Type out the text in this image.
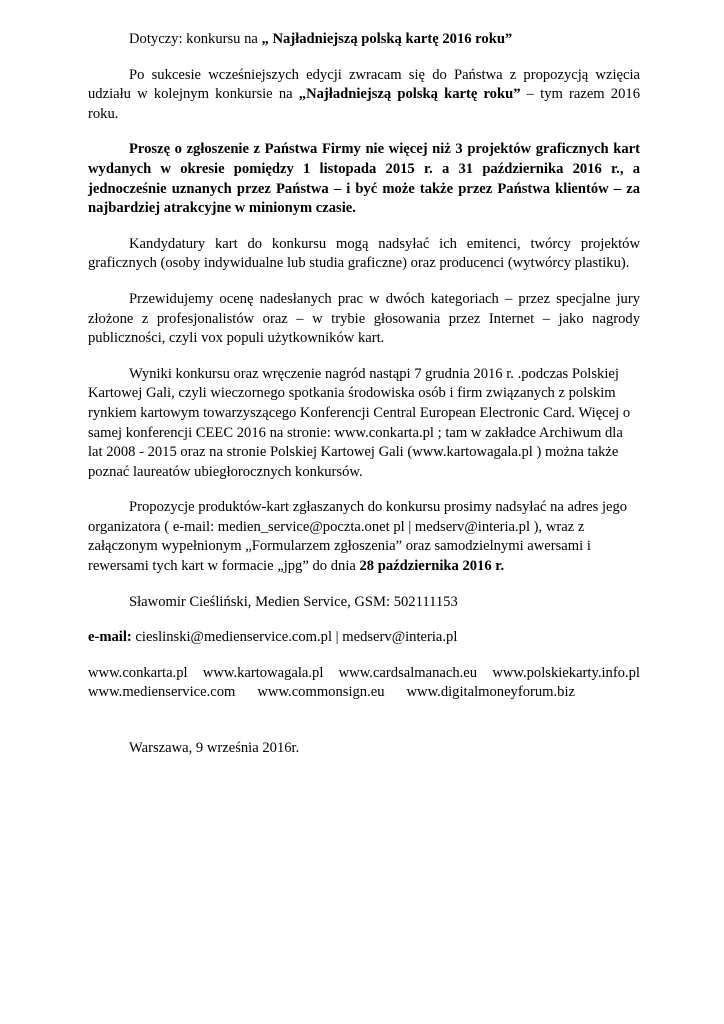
Dotyczy: konkursu na „ Najładniejszą polską kartę 2016 roku”

Po sukcesie wcześniejszych edycji zwracam się do Państwa z propozycją wzięcia udziału w kolejnym konkursie na „Najładniejszą polską kartę roku” – tym razem 2016 roku.

Proszę o zgłoszenie z Państwa Firmy nie więcej niż 3 projektów graficznych kart wydanych w okresie pomiędzy 1 listopada 2015 r. a 31 października 2016 r., a jednocześnie uznanych przez Państwa – i być może także przez Państwa klientów – za najbardziej atrakcyjne w minionym czasie.

Kandydatury kart do konkursu mogą nadsyłać ich emitenci, twórcy projektów graficznych (osoby indywidualne lub studia graficzne) oraz producenci (wytwórcy plastiku).

Przewidujemy ocenę nadesłanych prac w dwóch kategoriach – przez specjalne jury złożone z profesjonalistów oraz – w trybie głosowania przez Internet – jako nagrody publiczności, czyli vox populi użytkowników kart.

Wyniki konkursu oraz wręczenie nagród nastąpi 7 grudnia 2016 r. .podczas Polskiej Kartowej Gali, czyli wieczornego spotkania środowiska osób i firm związanych z polskim rynkiem kartowym towarzyszącego Konferencji Central European Electronic Card. Więcej o samej konferencji CEEC 2016 na stronie: www.conkarta.pl ; tam w zakładce Archiwum dla lat 2008 - 2015 oraz na stronie Polskiej Kartowej Gali (www.kartowagala.pl ) można także poznać laureatów ubiegłorocznych konkursów.

Propozycje produktów-kart zgłaszanych do konkursu prosimy nadsyłać na adres jego organizatora ( e-mail: medien_service@poczta.onet pl | medserv@interia.pl ), wraz z załączonym wypełnionym „Formularzem zgłoszenia” oraz samodzielnymi awersami i rewersami tych kart w formacie „jpg” do dnia 28 października 2016 r.

Sławomir Cieśliński, Medien Service, GSM: 502111153

e-mail: cieslinski@medienservice.com.pl | medserv@interia.pl

www.conkarta.pl www.kartowagala.pl www.cardsalmanach.eu www.polskiekarty.info.pl
www.medienservice.com www.commonsign.eu www.digitalmoneyforum.biz

Warszawa, 9 września 2016r.
